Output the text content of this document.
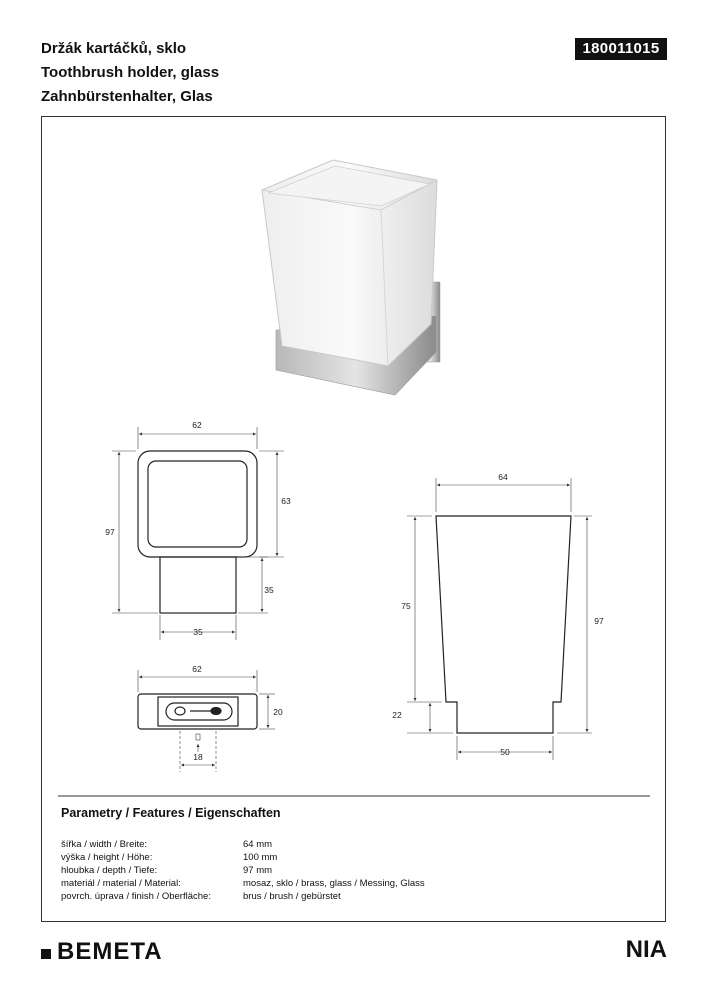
Držák kartáčků, sklo
Toothbrush holder, glass
Zahnbürstenhalter, Glas
180011015
62
97
63
35
35
62
20
18
64
75
97
22
50
Parametry / Features / Eigenschaften
šířka / width / Breite:	64 mm
výška / height / Höhe:	100 mm
hloubka / depth / Tiefe:	97 mm
materiál / material / Material:	mosaz, sklo / brass, glass / Messing, Glass
povrch. úprava / finish / Oberfläche:	brus / brush / gebürstet
BEMETA	NIA
